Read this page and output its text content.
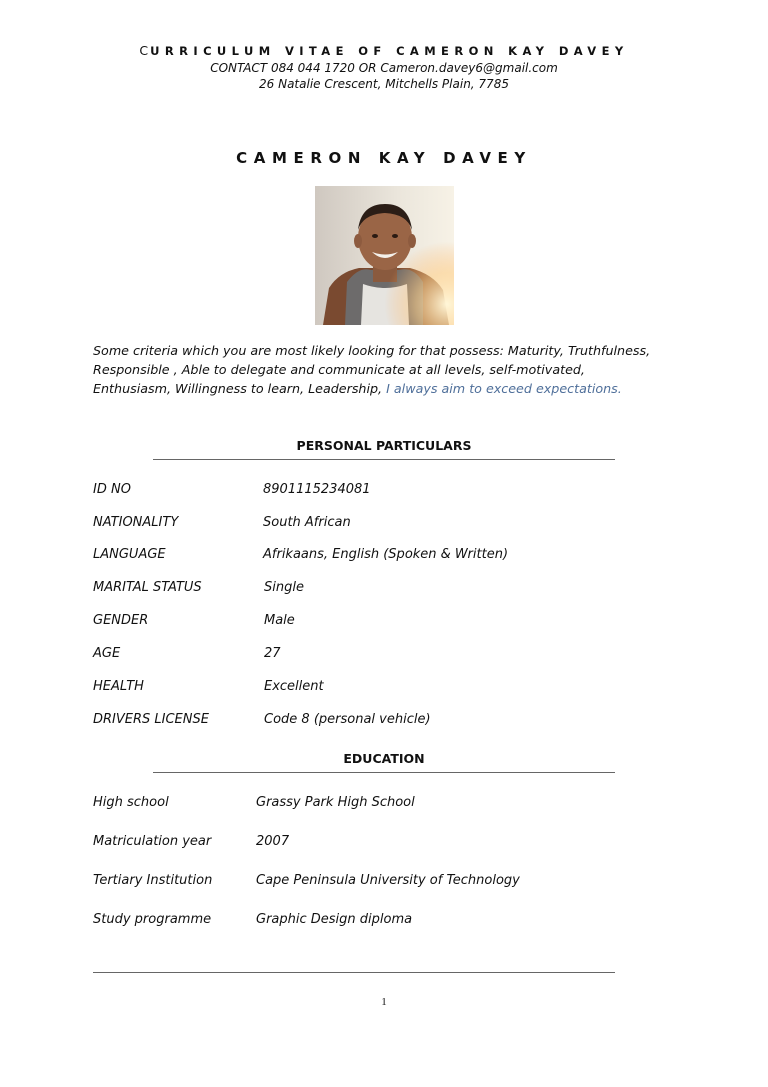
CURRICULUM VITAE OF CAMERON KAY DAVEY
CONTACT 084 044 1720 OR Cameron.davey6@gmail.com
26 Natalie Crescent, Mitchells Plain, 7785
CAMERON KAY DAVEY
Some criteria which you are most likely looking for that possess: Maturity, Truthfulness,
Responsible , Able to delegate and communicate at all levels, self-motivated,
Enthusiasm, Willingness to learn, Leadership, I always aim to exceed expectations.
PERSONAL PARTICULARS
ID NO	8901115234081
NATIONALITY	South African
LANGUAGE	Afrikaans, English (Spoken & Written)
MARITAL STATUS	Single
GENDER	Male
AGE	27
HEALTH	Excellent
DRIVERS LICENSE	Code 8 (personal vehicle)
EDUCATION
High school	Grassy Park High School
Matriculation year	2007
Tertiary Institution	Cape Peninsula University of Technology
Study programme	Graphic Design diploma
1
